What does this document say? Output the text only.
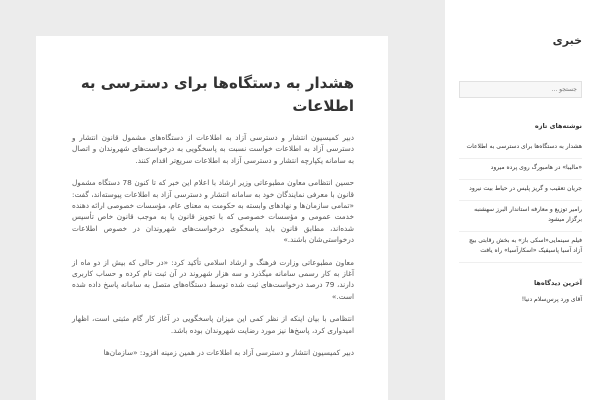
خبری
جستجو ...
نوشته‌های تازه
هشدار به دستگاه‌ها برای دسترسی به اطلاعات
«مالیبا» در هامبورگ روی پرده میرود
جریان تعقیب و گریز پلیس در حیاط بیت نیرود
رامیر توزیع و معارفه استاندار البرز سهشنبه برگزار میشود
فیلم سینمایی«اسکی باز» به بخش رقابتی بیچ آزاد آسیا پاسیفیک «اسکار‌آسیا» راه یافت
آخرین دیدگاه‌ها
آقای ورد پرس‌سلام دنیا!
هشدار به دستگاه‌ها برای دسترسی به اطلاعات

دبیر کمیسیون انتشار و دسترسی آزاد به اطلاعات از دستگاه‌های مشمول قانون انتشار و دسترسی آزاد به اطلاعات خواست نسبت به پاسخگویی به درخواست‌های شهروندان و اتصال به سامانه یکپارچه انتشار و دسترسی آزاد به اطلاعات سریع‌تر اقدام کنند.

حسین انتظامی معاون مطبوعاتی وزیر ارشاد با اعلام این خبر که تا کنون 78 دستگاه مشمول قانون با معرفی نمایندگان خود به سامانه انتشار و دسترسی آزاد به اطلاعات پیوسته‌اند، گفت: «تمامی سازمان‌ها و نهادهای وابسته به حکومت به معنای عام، مؤسسات خصوصی ارائه دهنده خدمت عمومی و مؤسسات خصوصی که با تجویز قانون یا به موجب قانون خاص تأسیس شده‌اند، مطابق قانون باید پاسخگوی درخواست‌های شهروندان در خصوص اطلاعات درخواستی‌شان باشند.»

معاون مطبوعاتی وزارت فرهنگ و ارشاد اسلامی تأکید کرد: «در حالی که بیش از دو ماه از آغاز به کار رسمی سامانه میگذرد و سه هزار شهروند در آن ثبت نام کرده و حساب کاربری دارند، 79 درصد درخواست‌های ثبت شده توسط دستگاه‌های متصل به سامانه پاسخ داده شده است.»

انتظامی با بیان اینکه از نظر کمی این میزان پاسخگویی در آغاز کار گام مثبتی است، اظهار امیدواری کرد، پاسخ‌ها نیز مورد رضایت شهروندان بوده باشد.

دبیر کمیسیون انتشار و دسترسی آزاد به اطلاعات در همین زمینه افزود: «سازمان‌ها
